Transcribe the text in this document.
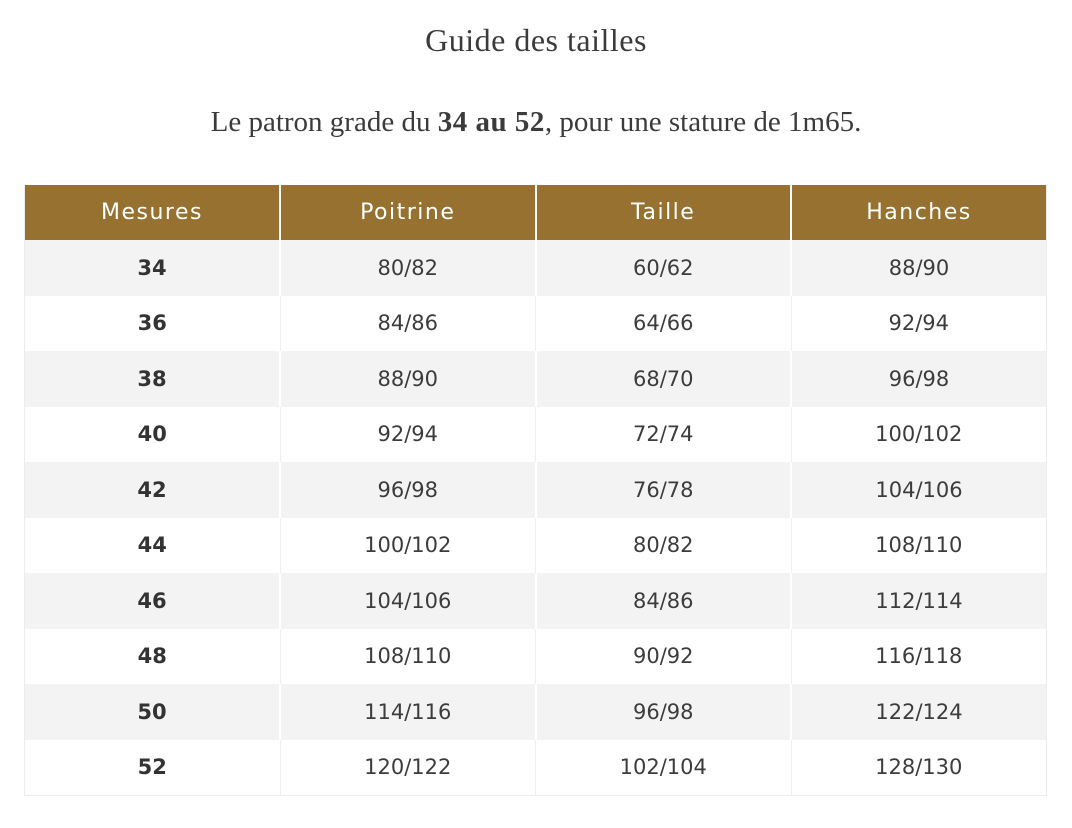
Guide des tailles

Le patron grade du 34 au 52, pour une stature de 1m65.

Mesures	Poitrine	Taille	Hanches
34	80/82	60/62	88/90
36	84/86	64/66	92/94
38	88/90	68/70	96/98
40	92/94	72/74	100/102
42	96/98	76/78	104/106
44	100/102	80/82	108/110
46	104/106	84/86	112/114
48	108/110	90/92	116/118
50	114/116	96/98	122/124
52	120/122	102/104	128/130
